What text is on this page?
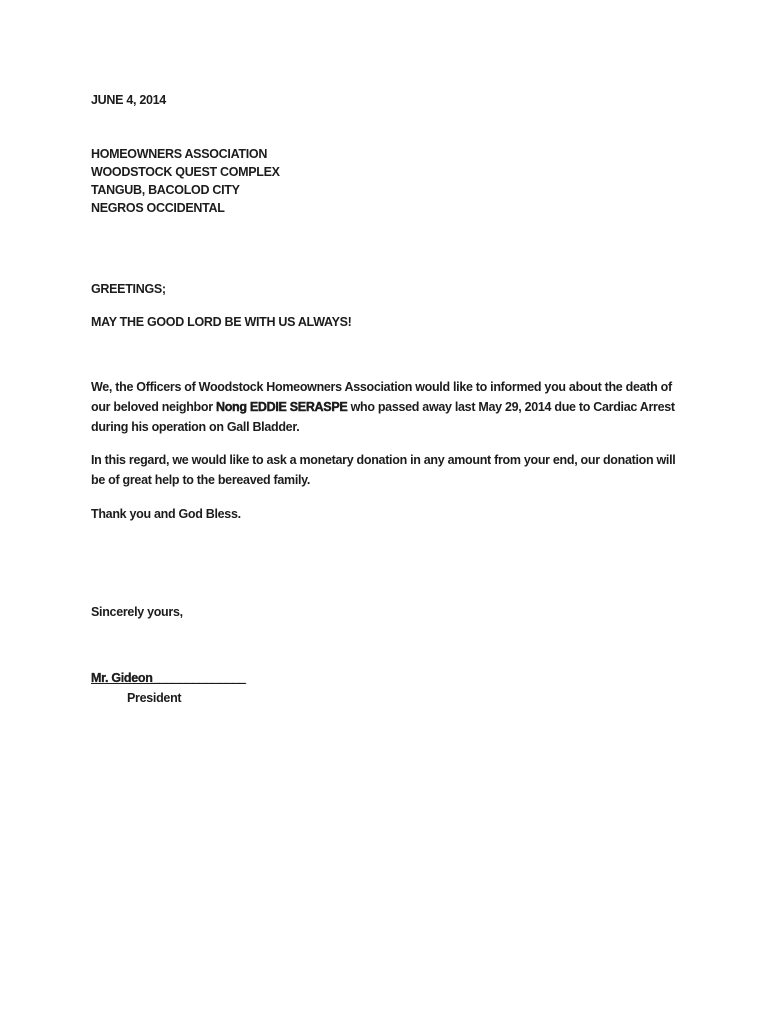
JUNE 4, 2014

HOMEOWNERS ASSOCIATION
WOODSTOCK QUEST COMPLEX
TANGUB, BACOLOD CITY
NEGROS OCCIDENTAL

GREETINGS;

MAY THE GOOD LORD BE WITH US ALWAYS!

We, the Officers of Woodstock Homeowners Association would like to informed you about the death of our beloved neighbor Nong EDDIE SERASPE who passed away last May 29, 2014 due to Cardiac Arrest during his operation on Gall Bladder.

In this regard, we would like to ask a monetary donation in any amount from your end, our donation will be of great help to the bereaved family.

Thank you and God Bless.

Sincerely yours,

Mr. Gideon______________

President
